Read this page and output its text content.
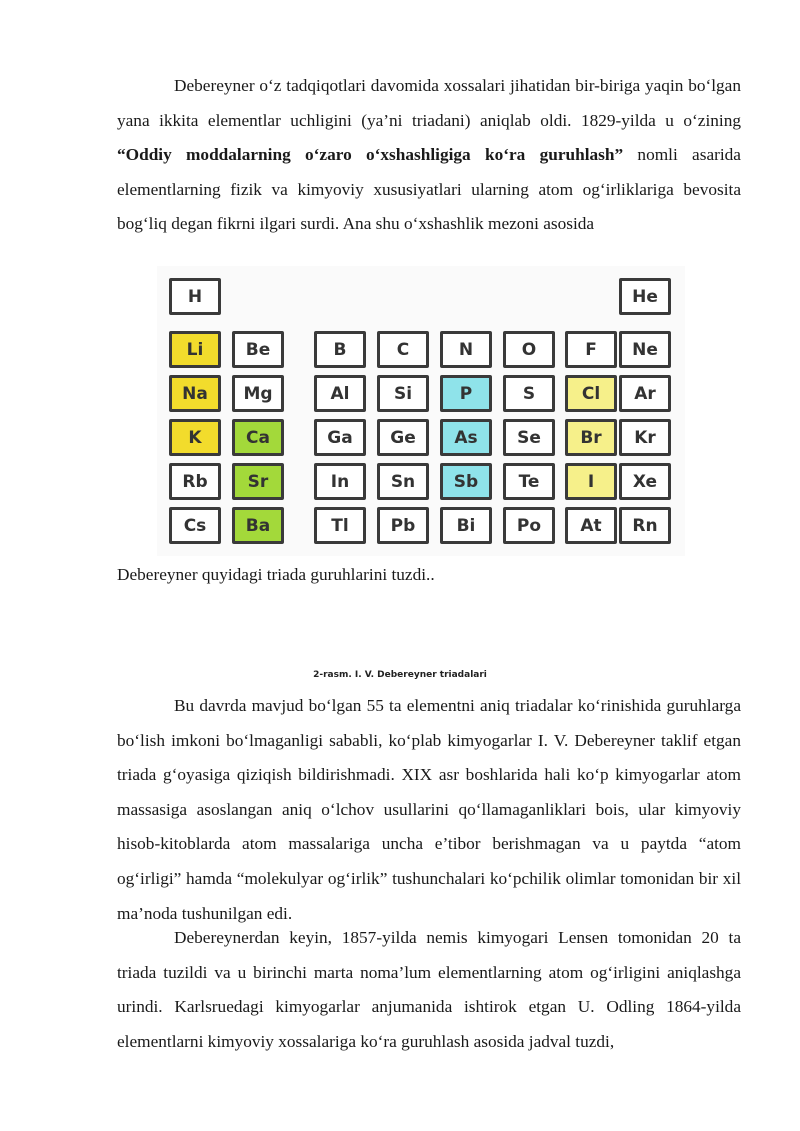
Debereyner o‘z tadqiqotlari davomida xossalari jihatidan bir-biriga yaqin bo‘lgan yana ikkita elementlar uchligini (ya’ni triadani) aniqlab oldi. 1829-yilda u o‘zining “Oddiy moddalarning o‘zaro o‘xshashligiga ko‘ra guruhlash” nomli asarida elementlarning fizik va kimyoviy xususiyatlari ularning atom og‘irliklariga bevosita bog‘liq degan fikrni ilgari surdi. Ana shu o‘xshashlik mezoni asosida

H	He
Li	Be	B	C	N	O	F	Ne
Na	Mg	Al	Si	P	S	Cl	Ar
K	Ca	Ga	Ge	As	Se	Br	Kr
Rb	Sr	In	Sn	Sb	Te	I	Xe
Cs	Ba	Tl	Pb	Bi	Po	At	Rn

Debereyner quyidagi triada guruhlarini tuzdi..

2-rasm. I. V. Debereyner triadalari

Bu davrda mavjud bo‘lgan 55 ta elementni aniq triadalar ko‘rinishida guruhlarga bo‘lish imkoni bo‘lmaganligi sababli, ko‘plab kimyogarlar I. V. Debereyner taklif etgan triada g‘oyasiga qiziqish bildirishmadi. XIX asr boshlarida hali ko‘p kimyogarlar atom massasiga asoslangan aniq o‘lchov usullarini qo‘llamaganliklari bois, ular kimyoviy hisob-kitoblarda atom massalariga uncha e’tibor berishmagan va u paytda “atom og‘irligi” hamda “molekulyar og‘irlik” tushunchalari ko‘pchilik olimlar tomonidan bir xil ma’noda tushunilgan edi.

Debereynerdan keyin, 1857-yilda nemis kimyogari Lensen tomonidan 20 ta triada tuzildi va u birinchi marta noma’lum elementlarning atom og‘irligini aniqlashga urindi. Karlsruedagi kimyogarlar anjumanida ishtirok etgan U. Odling 1864-yilda elementlarni kimyoviy xossalariga ko‘ra guruhlash asosida jadval tuzdi,
